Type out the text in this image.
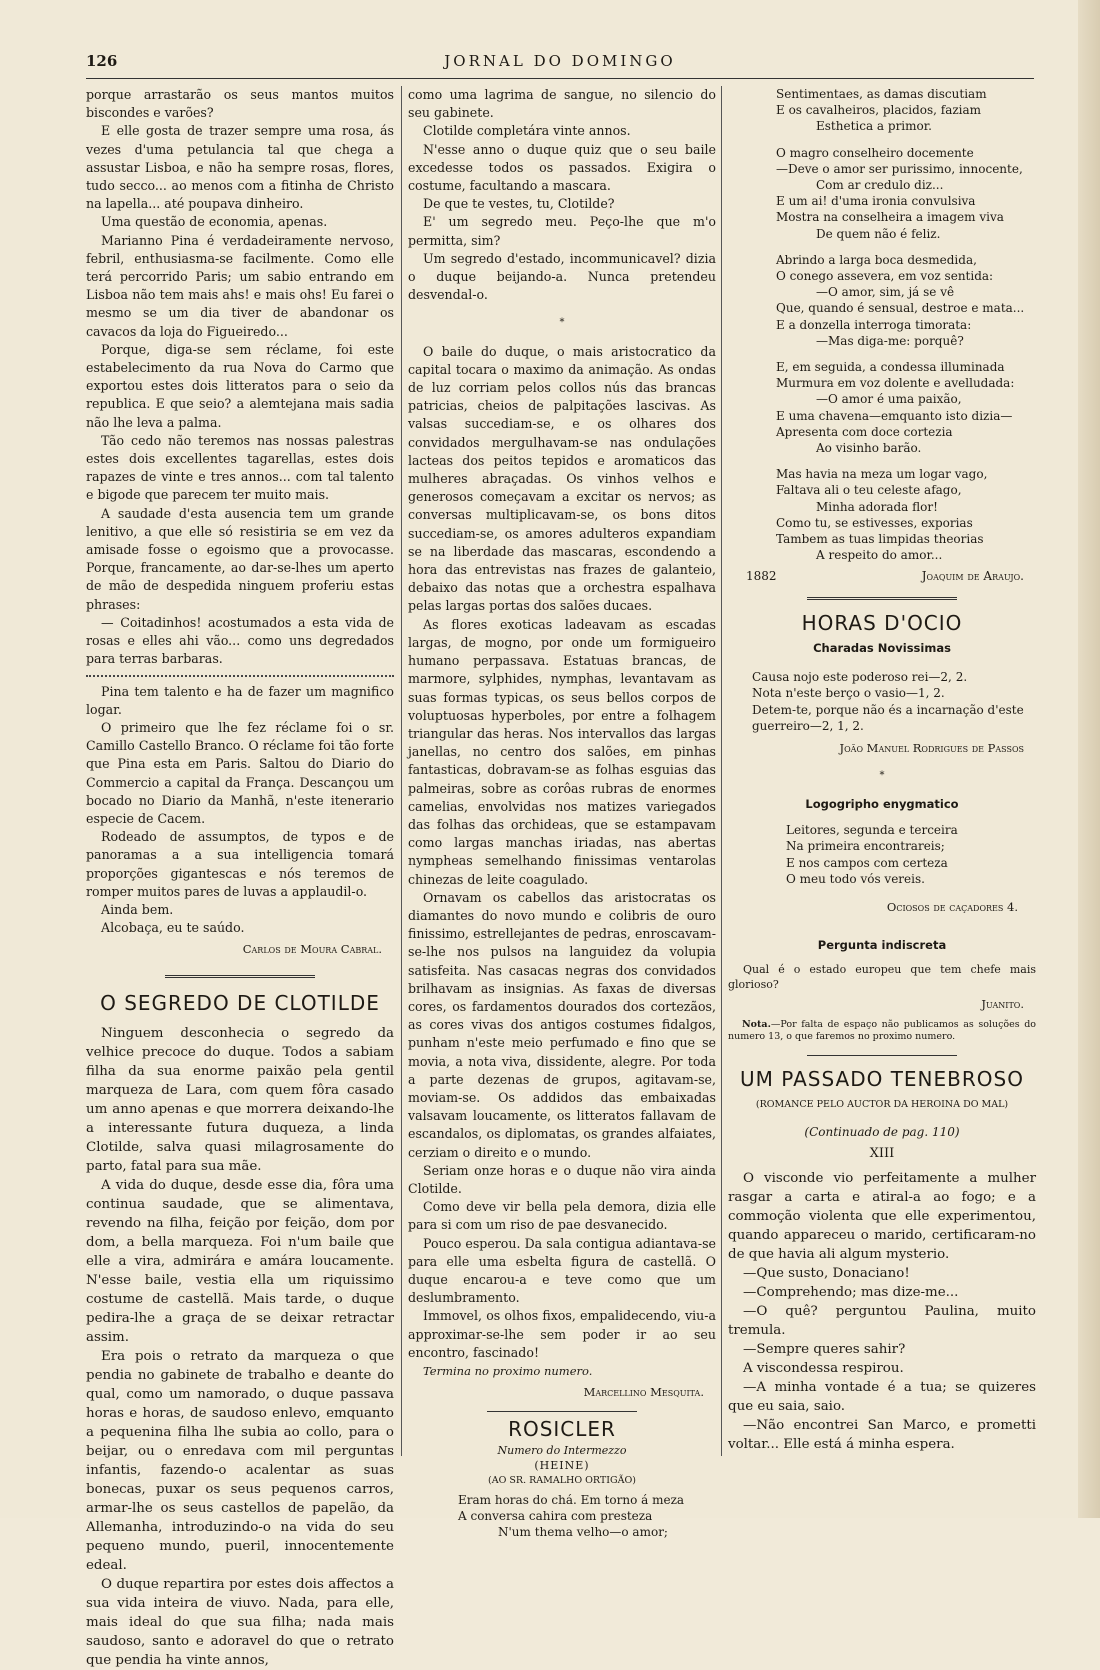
126	JORNAL DO DOMINGO

porque arrastarão os seus mantos muitos biscondes e varões?

E elle gosta de trazer sempre uma rosa, ás vezes d'uma petulancia tal que chega a assustar Lisboa, e não ha sempre rosas, flores, tudo secco... ao menos com a fitinha de Christo na lapella... até poupava dinheiro.

Uma questão de economia, apenas.

Marianno Pina é verdadeiramente nervoso, febril, enthusiasma-se facilmente. Como elle terá percorrido Paris; um sabio entrando em Lisboa não tem mais ahs! e mais ohs! Eu farei o mesmo se um dia tiver de abandonar os cavacos da loja do Figueiredo...

Porque, diga-se sem réclame, foi este estabelecimento da rua Nova do Carmo que exportou estes dois litteratos para o seio da republica. E que seio? a alemtejana mais sadia não lhe leva a palma.

Tão cedo não teremos nas nossas palestras estes dois excellentes tagarellas, estes dois rapazes de vinte e tres annos... com tal talento e bigode que parecem ter muito mais.

A saudade d'esta ausencia tem um grande lenitivo, a que elle só resistiria se em vez da amisade fosse o egoismo que a provocasse. Porque, francamente, ao dar-se-lhes um aperto de mão de despedida ninguem proferiu estas phrases:

— Coitadinhos! acostumados a esta vida de rosas e elles ahi vão... como uns degredados para terras barbaras.

Pina tem talento e ha de fazer um magnifico logar.

O primeiro que lhe fez réclame foi o sr. Camillo Castello Branco. O réclame foi tão forte que Pina esta em Paris. Saltou do Diario do Commercio a capital da França. Descançou um bocado no Diario da Manhã, n'este itenerario especie de Cacem.

Rodeado de assumptos, de typos e de panoramas a a sua intelligencia tomará proporções gigantescas e nós teremos de romper muitos pares de luvas a applaudil-o.

Ainda bem.

Alcobaça, eu te saúdo.

Carlos de Moura Cabral.
O SEGREDO DE CLOTILDE

Ninguem desconhecia o segredo da velhice precoce do duque. Todos a sabiam filha da sua enorme paixão pela gentil marqueza de Lara, com quem fôra casado um anno apenas e que morrera deixando-lhe a interessante futura duqueza, a linda Clotilde, salva quasi milagrosamente do parto, fatal para sua mãe.

A vida do duque, desde esse dia, fôra uma continua saudade, que se alimentava, revendo na filha, feição por feição, dom por dom, a bella marqueza. Foi n'um baile que elle a vira, admirára e amára loucamente. N'esse baile, vestia ella um riquissimo costume de castellã. Mais tarde, o duque pedira-lhe a graça de se deixar retractar assim.

Era pois o retrato da marqueza o que pendia no gabinete de trabalho e deante do qual, como um namorado, o duque passava horas e horas, de saudoso enlevo, emquanto a pequenina filha lhe subia ao collo, para o beijar, ou o enredava com mil perguntas infantis, fazendo-o acalentar as suas bonecas, puxar os seus pequenos carros, armar-lhe os seus castellos de papelão, da Allemanha, introduzindo-o na vida do seu pequeno mundo, pueril, innocentemente edeal.

O duque repartira por estes dois affectos a sua vida inteira de viuvo. Nada, para elle, mais ideal do que sua filha; nada mais saudoso, santo e adoravel do que o retrato que pendia ha vinte annos,

como uma lagrima de sangue, no silencio do seu gabinete.

Clotilde completára vinte annos.

N'esse anno o duque quiz que o seu baile excedesse todos os passados. Exigira o costume, facultando a mascara.

De que te vestes, tu, Clotilde?

E' um segredo meu. Peço-lhe que m'o permitta, sim?

Um segredo d'estado, incommunicavel? dizia o duque beijando-a. Nunca pretendeu desvendal-o.

*

O baile do duque, o mais aristocratico da capital tocara o maximo da animação. As ondas de luz corriam pelos collos nús das brancas patricias, cheios de palpitações lascivas. As valsas succediam-se, e os olhares dos convidados mergulhavam-se nas ondulações lacteas dos peitos tepidos e aromaticos das mulheres abraçadas. Os vinhos velhos e generosos começavam a excitar os nervos; as conversas multiplicavam-se, os bons ditos succediam-se, os amores adulteros expandiam se na liberdade das mascaras, escondendo a hora das entrevistas nas frazes de galanteio, debaixo das notas que a orchestra espalhava pelas largas portas dos salões ducaes.

As flores exoticas ladeavam as escadas largas, de mogno, por onde um formigueiro humano perpassava. Estatuas brancas, de marmore, sylphides, nymphas, levantavam as suas formas typicas, os seus bellos corpos de voluptuosas hyperboles, por entre a folhagem triangular das heras. Nos intervallos das largas janellas, no centro dos salões, em pinhas fantasticas, dobravam-se as folhas esguias das palmeiras, sobre as corôas rubras de enormes camelias, envolvidas nos matizes variegados das folhas das orchideas, que se estampavam como largas manchas iriadas, nas abertas nympheas semelhando finissimas ventarolas chinezas de leite coagulado.

Ornavam os cabellos das aristocratas os diamantes do novo mundo e colibris de ouro finissimo, estrellejantes de pedras, enroscavam-se-lhe nos pulsos na languidez da volupia satisfeita. Nas casacas negras dos convidados brilhavam as insignias. As faxas de diversas cores, os fardamentos dourados dos cortezãos, as cores vivas dos antigos costumes fidalgos, punham n'este meio perfumado e fino que se movia, a nota viva, dissidente, alegre. Por toda a parte dezenas de grupos, agitavam-se, moviam-se. Os addidos das embaixadas valsavam loucamente, os litteratos fallavam de escandalos, os diplomatas, os grandes alfaiates, cerziam o direito e o mundo.

Seriam onze horas e o duque não vira ainda Clotilde.

Como deve vir bella pela demora, dizia elle para si com um riso de pae desvanecido.

Pouco esperou. Da sala contigua adiantava-se para elle uma esbelta figura de castellã. O duque encarou-a e teve como que um deslumbramento.

Immovel, os olhos fixos, empalidecendo, viu-a approximar-se-lhe sem poder ir ao seu encontro, fascinado!

Termina no proximo numero.
Marcellino Mesquita.
ROSICLER
Numero do Intermezzo
(HEINE)
(AO SR. RAMALHO ORTIGÃO)
Eram horas do chá. Em torno á meza
A conversa cahira com presteza
N'um thema velho—o amor;
Sentimentaes, as damas discutiam
E os cavalheiros, placidos, faziam
Esthetica a primor.
O magro conselheiro docemente
—Deve o amor ser purissimo, innocente,
Com ar credulo diz...
E um ai! d'uma ironia convulsiva
Mostra na conselheira a imagem viva
De quem não é feliz.
Abrindo a larga boca desmedida,
O conego assevera, em voz sentida:
—O amor, sim, já se vê
Que, quando é sensual, destroe e mata...
E a donzella interroga timorata:
—Mas diga-me: porquê?
E, em seguida, a condessa illuminada
Murmura em voz dolente e avelludada:
—O amor é uma paixão,
E uma chavena—emquanto isto dizia—
Apresenta com doce cortezia
Ao visinho barão.
Mas havia na meza um logar vago,
Faltava ali o teu celeste afago,
Minha adorada flor!
Como tu, se estivesses, exporias
Tambem as tuas limpidas theorias
A respeito do amor...
1882	Joaquim de Araujo.
HORAS D'OCIO
Charadas Novissimas
Causa nojo este poderoso rei—2, 2.
Nota n'este berço o vasio—1, 2.
Detem-te, porque não és a incarnação d'este guerreiro—2, 1, 2.
João Manuel Rodrigues de Passos
*
Logogripho enygmatico
Leitores, segunda e terceira
Na primeira encontrareis;
E nos campos com certeza
O meu todo vós vereis.
Ociosos de caçadores 4.
Pergunta indiscreta

Qual é o estado europeu que tem chefe mais glorioso?

Juanito.

Nota.—Por falta de espaço não publicamos as soluções do numero 13, o que faremos no proximo numero.

UM PASSADO TENEBROSO
(ROMANCE PELO AUCTOR DA HEROINA DO MAL)
(Continuado de pag. 110)
XIII

O visconde vio perfeitamente a mulher rasgar a carta e atiral-a ao fogo; e a commoção violenta que elle experimentou, quando appareceu o marido, certificaram-no de que havia ali algum mysterio.

—Que susto, Donaciano!

—Comprehendo; mas dize-me...

—O quê? perguntou Paulina, muito tremula.

—Sempre queres sahir?

A viscondessa respirou.

—A minha vontade é a tua; se quizeres que eu saia, saio.

—Não encontrei San Marco, e prometti voltar... Elle está á minha espera.
